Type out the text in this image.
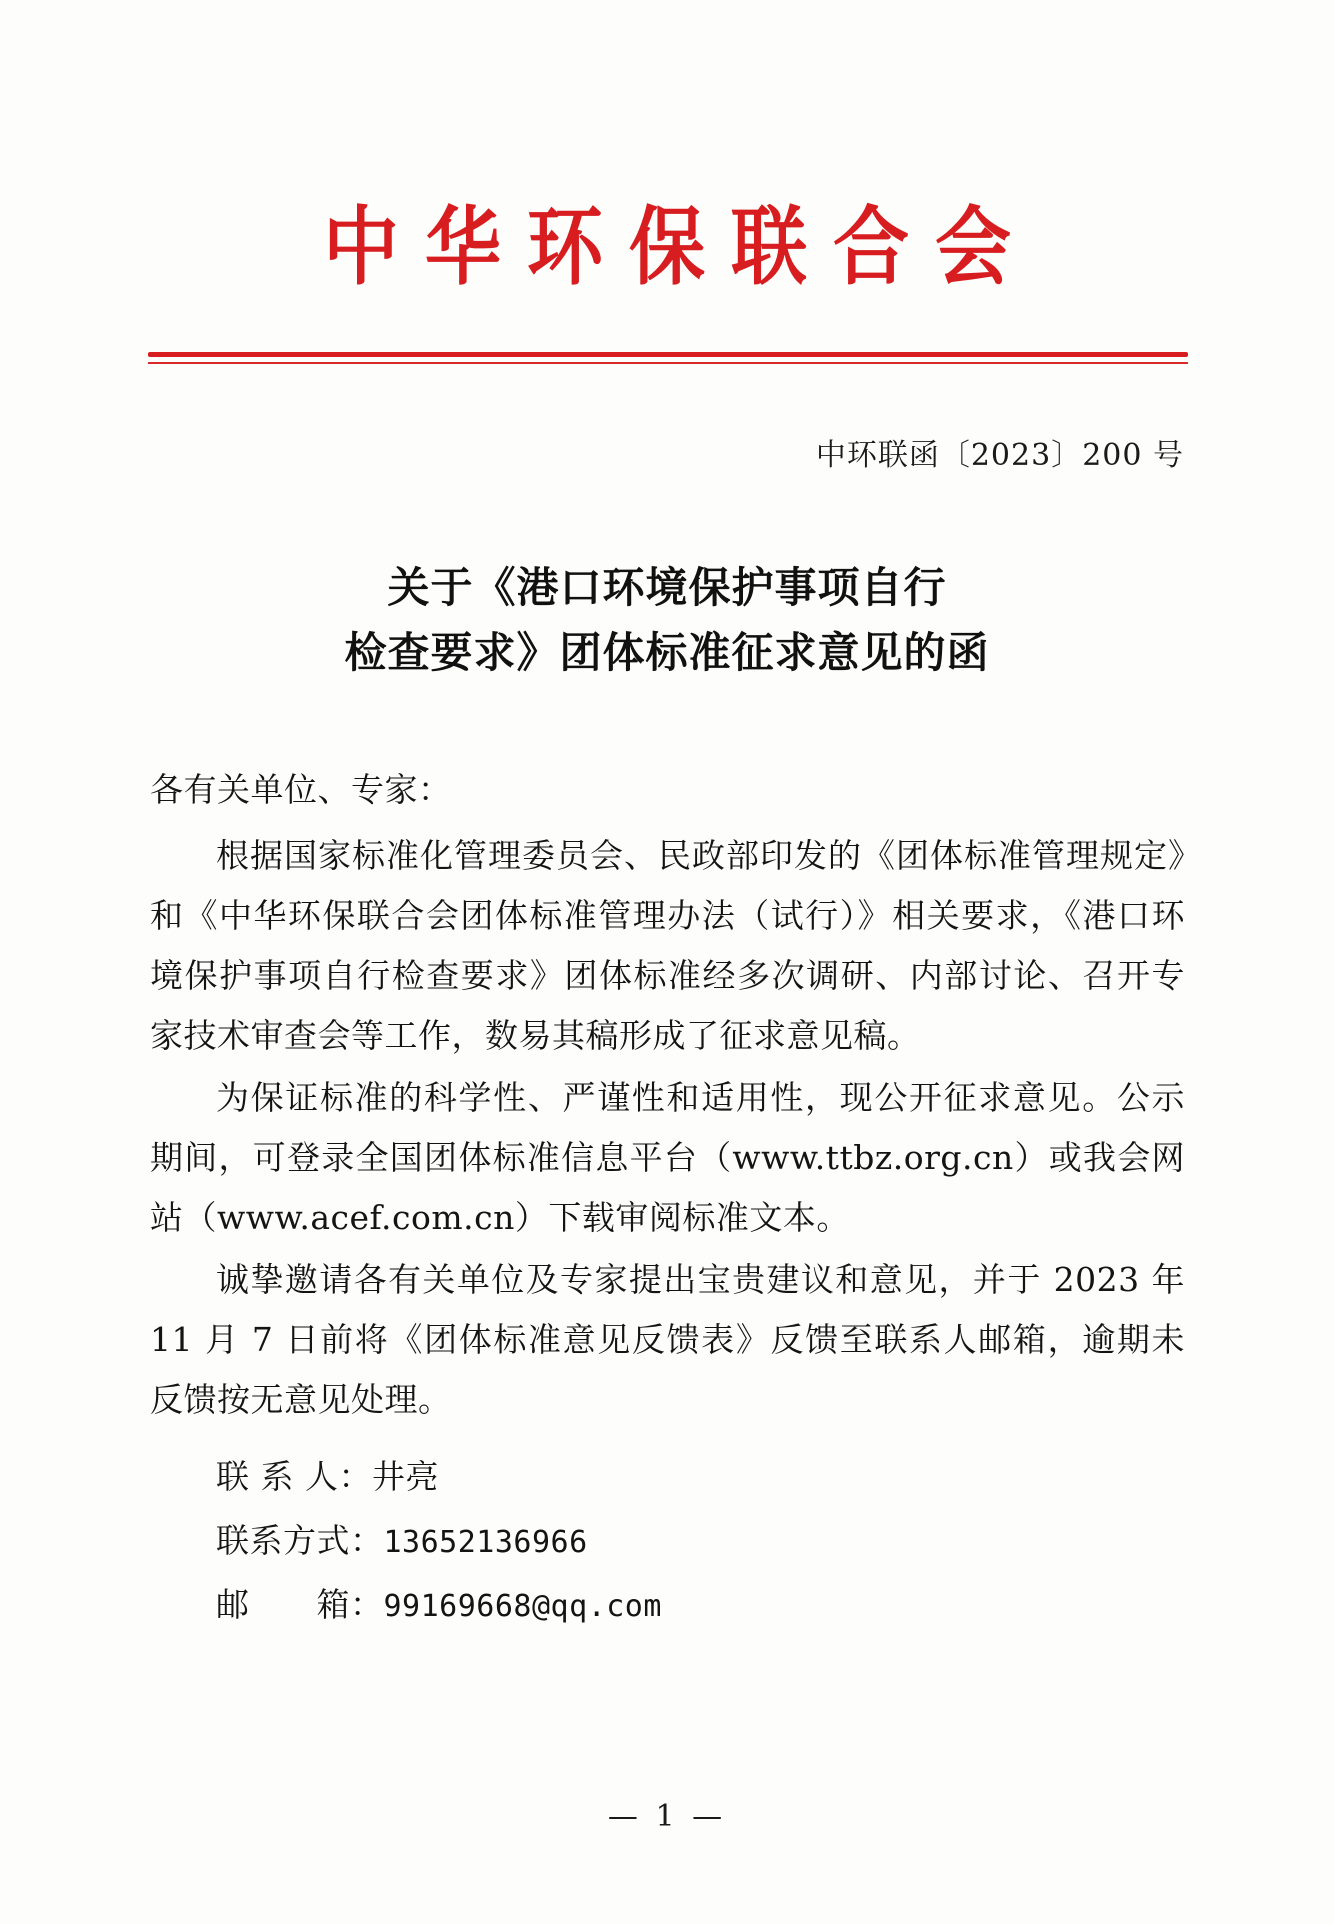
中华环保联合会
中环联函〔2023〕200 号
关于《港口环境保护事项自行
检查要求》团体标准征求意见的函

各有关单位、专家：

根据国家标准化管理委员会、民政部印发的《团体标准管理规定》和《中华环保联合会团体标准管理办法（试行）》相关要求，《港口环境保护事项自行检查要求》团体标准经多次调研、内部讨论、召开专家技术审查会等工作，数易其稿形成了征求意见稿。

为保证标准的科学性、严谨性和适用性，现公开征求意见。公示期间，可登录全国团体标准信息平台（www.ttbz.org.cn）或我会网站（www.acef.com.cn）下载审阅标准文本。

诚挚邀请各有关单位及专家提出宝贵建议和意见，并于 2023 年 11 月 7 日前将《团体标准意见反馈表》反馈至联系人邮箱，逾期未反馈按无意见处理。

联 系 人：井亮
联系方式：13652136966
邮　　箱：99169668@qq.com
— 1 —
